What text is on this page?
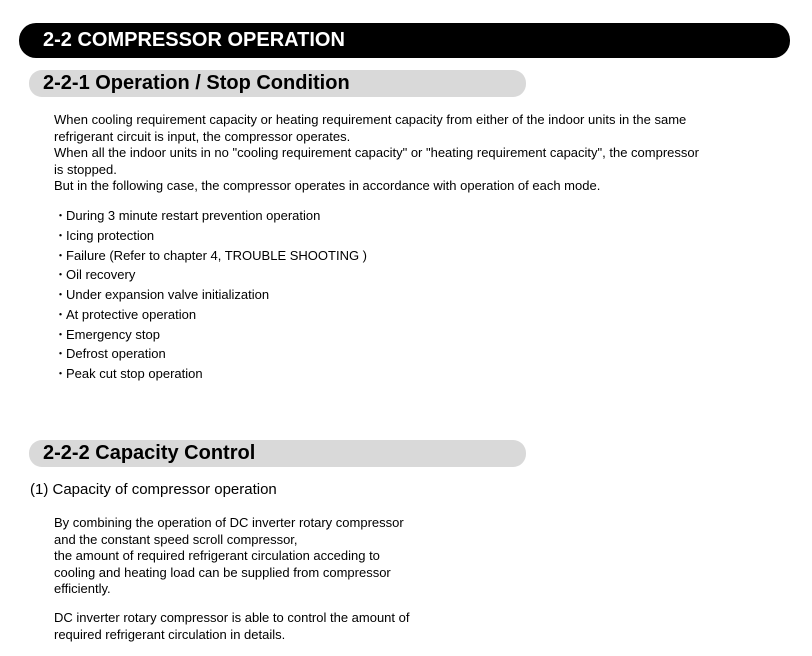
2-2 COMPRESSOR OPERATION
2-2-1 Operation / Stop Condition

When cooling requirement capacity or heating requirement capacity from either of the indoor units in the same

refrigerant circuit is input, the compressor operates.

When all the indoor units in no "cooling requirement capacity" or "heating requirement capacity", the compressor

is stopped.

But in the following case, the compressor operates in accordance with operation of each mode.

・During 3 minute restart prevention operation
・Icing protection
・Failure (Refer to chapter 4, TROUBLE SHOOTING )
・Oil recovery
・Under expansion valve initialization
・At protective operation
・Emergency stop
・Defrost operation
・Peak cut stop operation
2-2-2 Capacity Control
(1) Capacity of compressor operation

By combining the operation of DC inverter rotary compressor

and the constant speed scroll compressor,

the amount of required refrigerant circulation acceding to

cooling and heating load can be supplied from compressor

efficiently.

DC inverter rotary compressor is able to control the amount of

required refrigerant circulation in details.
